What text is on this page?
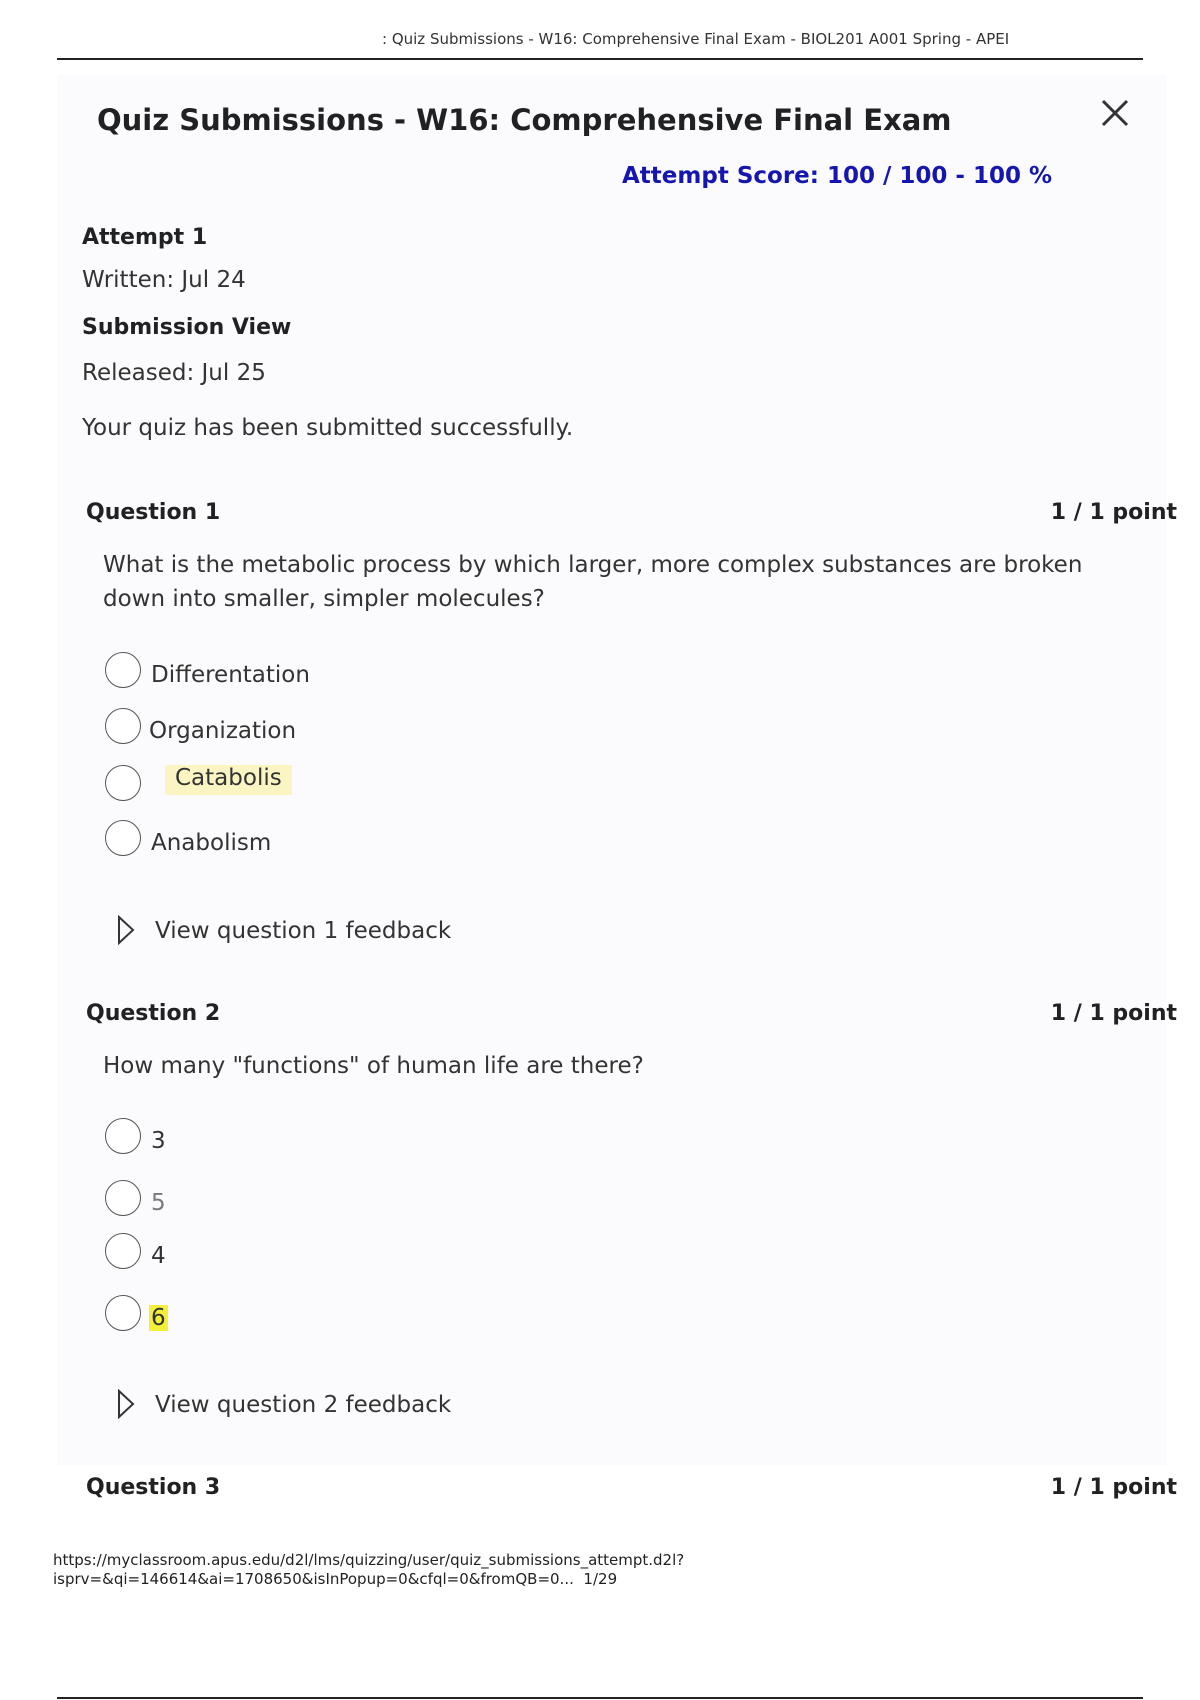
: Quiz Submissions - W16: Comprehensive Final Exam - BIOL201 A001 Spring - APEI
Quiz Submissions - W16: Comprehensive Final Exam
Attempt Score: 100 / 100 - 100 %
Attempt 1
Written: Jul 24
Submission View
Released: Jul 25
Your quiz has been submitted successfully.
Question 1	1 / 1 point

What is the metabolic process by which larger, more complex substances are broken down into smaller, simpler molecules?

Differentation
Organization
Catabolis
Anabolism
View question 1 feedback
Question 2	1 / 1 point

How many "functions" of human life are there?

3
5
4
6
View question 2 feedback
Question 3	1 / 1 point
https://myclassroom.apus.edu/d2l/lms/quizzing/user/quiz_submissions_attempt.d2l?
isprv=&qi=146614&ai=1708650&isInPopup=0&cfql=0&fromQB=0... 1/29
